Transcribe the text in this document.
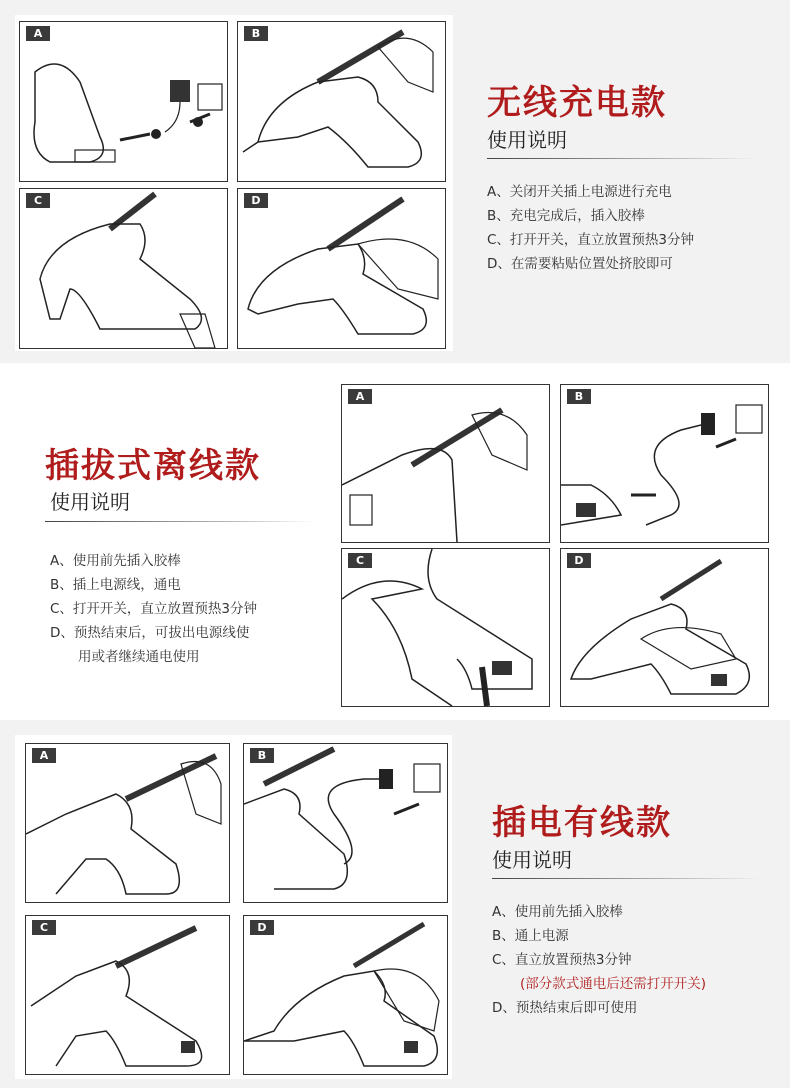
A	B
C	D
无线充电款
使用说明
A、关闭开关插上电源进行充电
B、充电完成后，插入胶棒
C、打开开关，直立放置预热3分钟
D、在需要粘贴位置处挤胶即可
插拔式离线款
使用说明
A、使用前先插入胶棒
B、插上电源线，通电
C、打开开关，直立放置预热3分钟
D、预热结束后，可拔出电源线使
用或者继续通电使用
A	B
C	D
A	B
C	D
插电有线款
使用说明
A、使用前先插入胶棒
B、通上电源
C、直立放置预热3分钟
(部分款式通电后还需打开开关)
D、预热结束后即可使用
